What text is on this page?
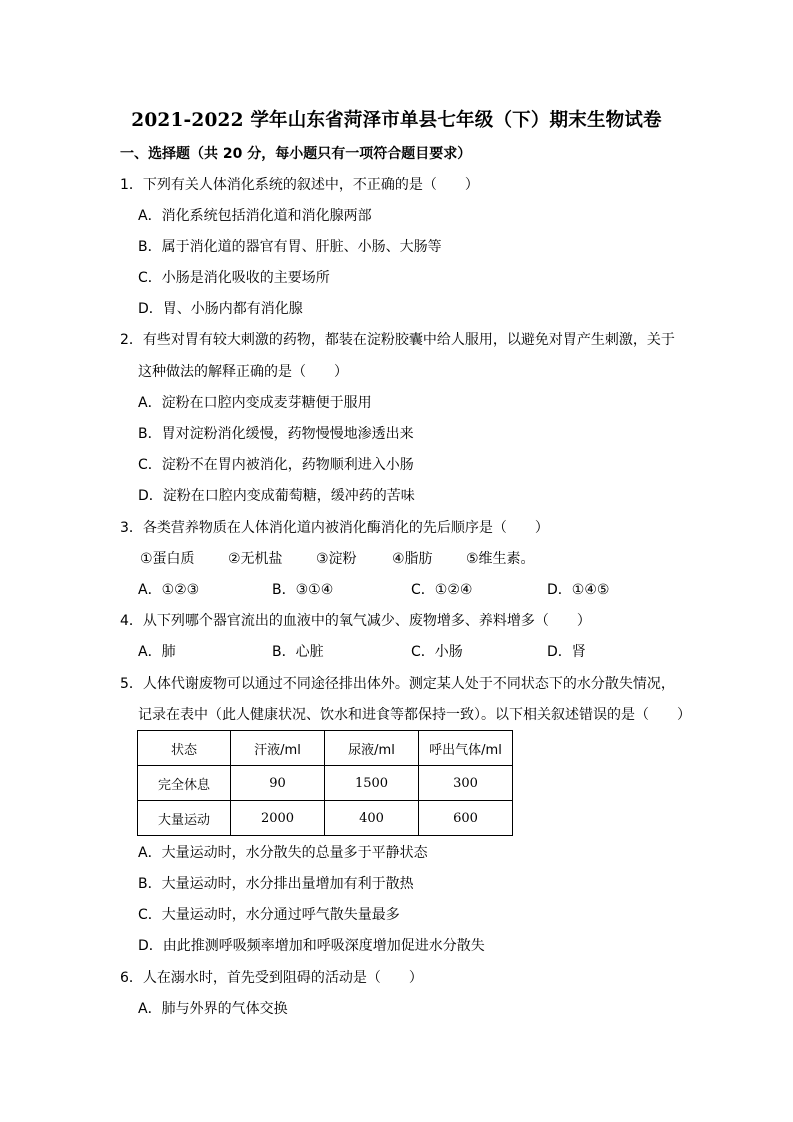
2021-2022 学年山东省菏泽市单县七年级（下）期末生物试卷
一、选择题（共 20 分，每小题只有一项符合题目要求）
1．下列有关人体消化系统的叙述中，不正确的是（　　）
A．消化系统包括消化道和消化腺两部
B．属于消化道的器官有胃、肝脏、小肠、大肠等
C．小肠是消化吸收的主要场所
D．胃、小肠内都有消化腺
2．有些对胃有较大刺激的药物，都装在淀粉胶囊中给人服用，以避免对胃产生刺激，关于
这种做法的解释正确的是（　　）
A．淀粉在口腔内变成麦芽糖便于服用
B．胃对淀粉消化缓慢，药物慢慢地渗透出来
C．淀粉不在胃内被消化，药物顺利进入小肠
D．淀粉在口腔内变成葡萄糖，缓冲药的苦味
3．各类营养物质在人体消化道内被消化酶消化的先后顺序是（　　）
①蛋白质 ②无机盐 ③淀粉	④脂肪 ⑤维生素。
A．①②③	B．③①④	C．①②④	D．①④⑤
4．从下列哪个器官流出的血液中的氧气减少、废物增多、养料增多（　　）
A．肺	B．心脏	C．小肠	D．肾
5．人体代谢废物可以通过不同途径排出体外。测定某人处于不同状态下的水分散失情况，
记录在表中（此人健康状况、饮水和进食等都保持一致）。以下相关叙述错误的是（　　）
状态	汗液/ml	尿液/ml	呼出气体/ml
完全休息	90	1500	300
大量运动	2000	400	600
A．大量运动时，水分散失的总量多于平静状态
B．大量运动时，水分排出量增加有利于散热
C．大量运动时，水分通过呼气散失量最多
D．由此推测呼吸频率增加和呼吸深度增加促进水分散失
6．人在溺水时，首先受到阻碍的活动是（　　）
A．肺与外界的气体交换
